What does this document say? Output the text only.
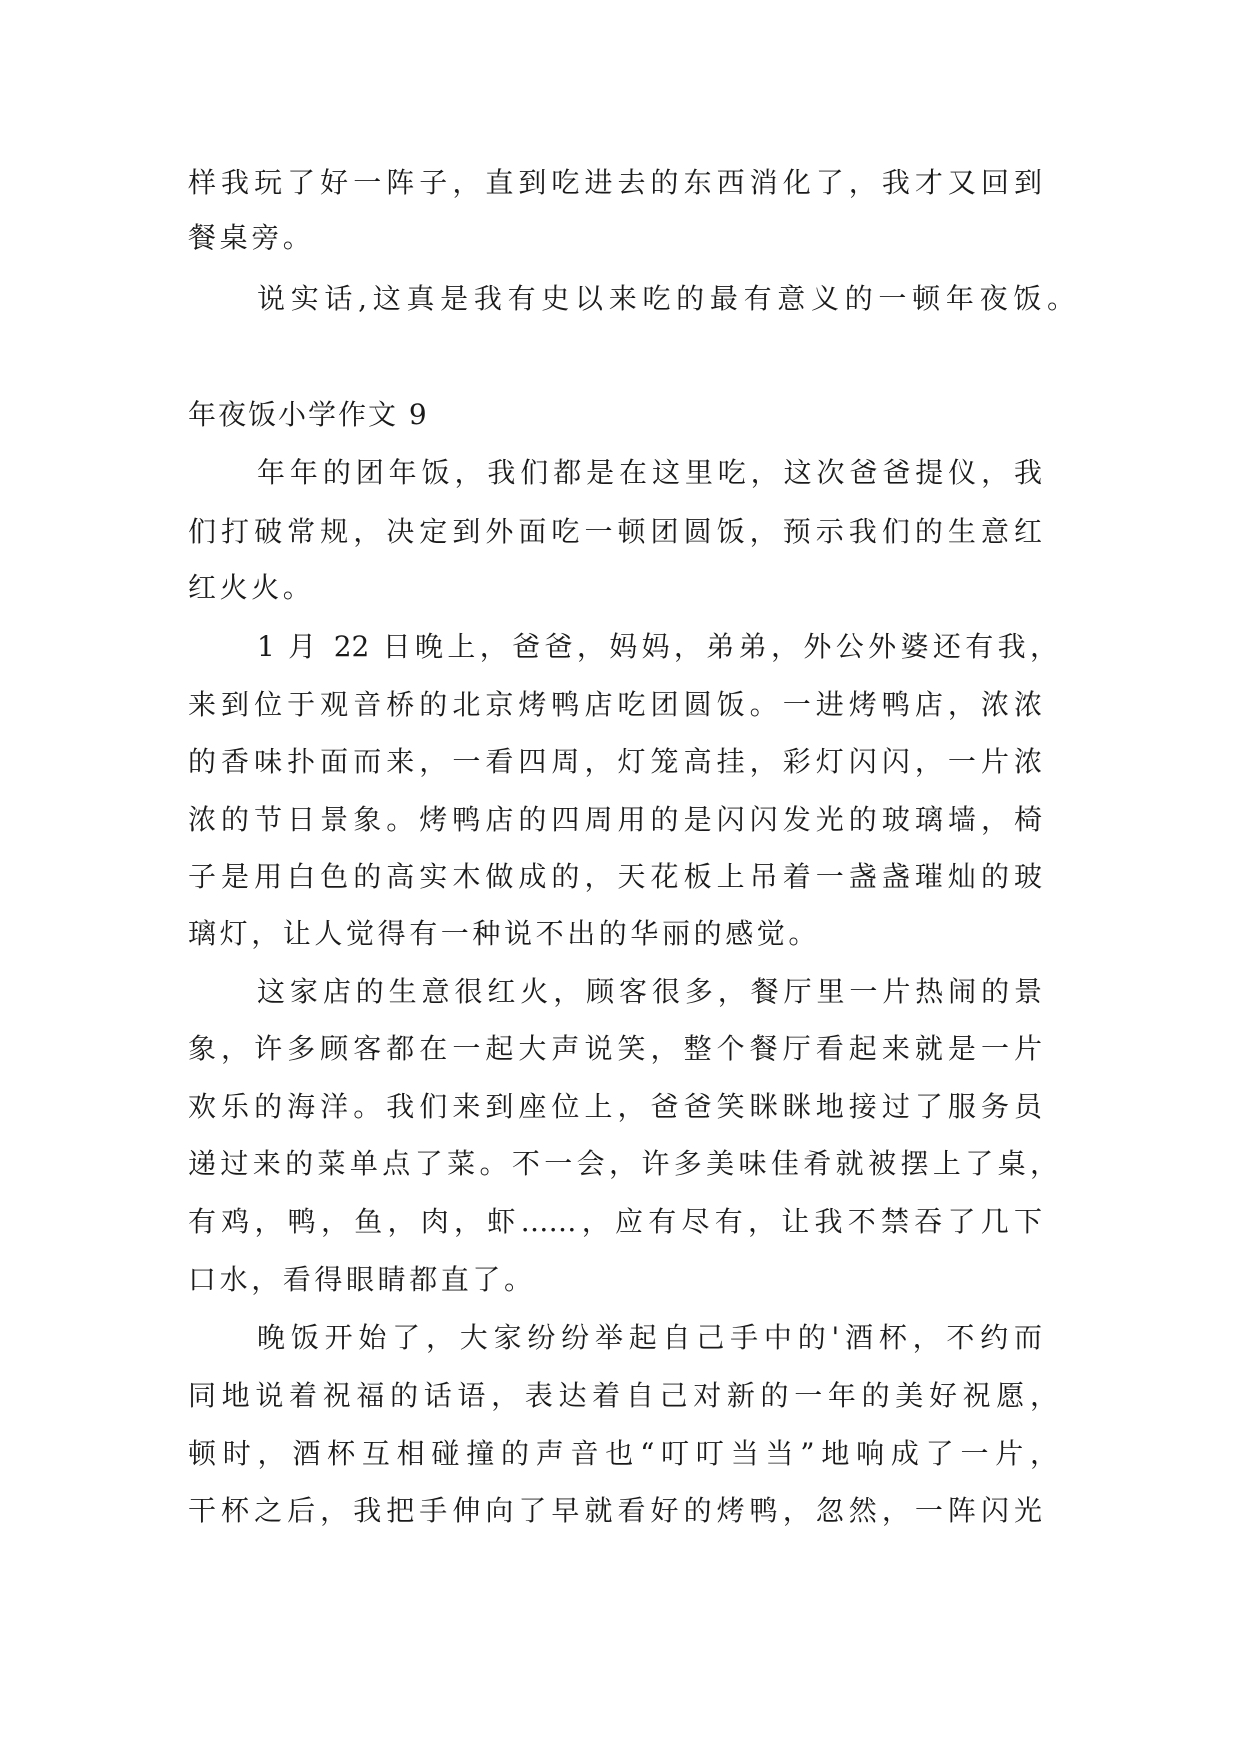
样我玩了好一阵子，直到吃进去的东西消化了，我才又回到
餐桌旁。
说实话,这真是我有史以来吃的最有意义的一顿年夜饭。
年夜饭小学作文 9
年年的团年饭，我们都是在这里吃，这次爸爸提仪，我
们打破常规，决定到外面吃一顿团圆饭，预示我们的生意红
红火火。
1 月 22 日晚上，爸爸，妈妈，弟弟，外公外婆还有我，
来到位于观音桥的北京烤鸭店吃团圆饭。一进烤鸭店，浓浓
的香味扑面而来，一看四周，灯笼高挂，彩灯闪闪，一片浓
浓的节日景象。烤鸭店的四周用的是闪闪发光的玻璃墙，椅
子是用白色的高实木做成的，天花板上吊着一盏盏璀灿的玻
璃灯，让人觉得有一种说不出的华丽的感觉。
这家店的生意很红火，顾客很多，餐厅里一片热闹的景
象，许多顾客都在一起大声说笑，整个餐厅看起来就是一片
欢乐的海洋。我们来到座位上，爸爸笑眯眯地接过了服务员
递过来的菜单点了菜。不一会，许多美味佳肴就被摆上了桌，
有鸡，鸭，鱼，肉，虾……，应有尽有，让我不禁吞了几下
口水，看得眼睛都直了。
晚饭开始了，大家纷纷举起自己手中的'酒杯，不约而
同地说着祝福的话语，表达着自己对新的一年的美好祝愿，
顿时，酒杯互相碰撞的声音也“叮叮当当”地响成了一片，
干杯之后，我把手伸向了早就看好的烤鸭，忽然，一阵闪光
